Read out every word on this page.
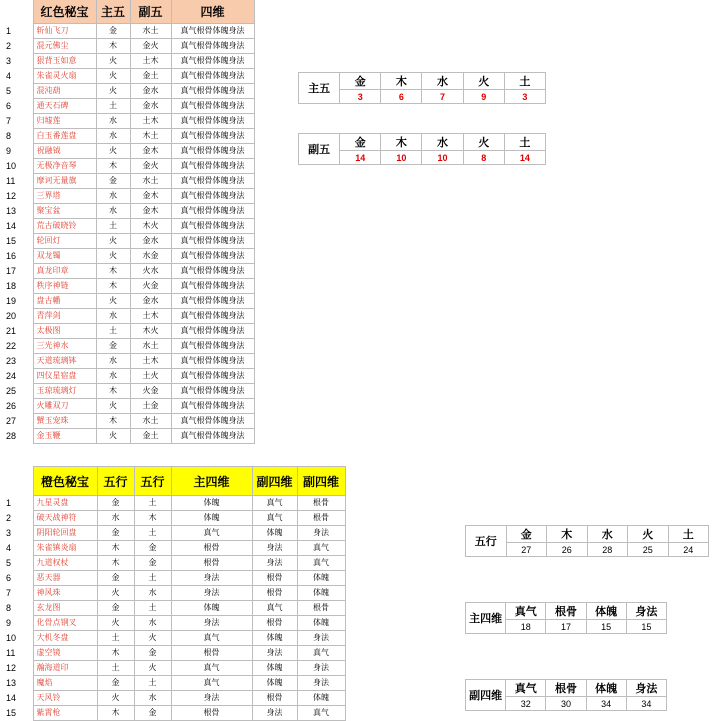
	红色秘宝	主五	副五	四维
1	斩仙飞刀	金	水土	真气根骨体魄身法
2	混元佛尘	木	金火	真气根骨体魄身法
3	狠背玉如意	火	土木	真气根骨体魄身法
4	朱雀灵火扇	火	金土	真气根骨体魄身法
5	混沌葫	火	金水	真气根骨体魄身法
6	通天石碑	土	金水	真气根骨体魄身法
7	归墟莲	水	土木	真气根骨体魄身法
8	白玉番莲盘	水	木土	真气根骨体魄身法
9	祝融钺	火	金木	真气根骨体魄身法
10	无极净音琴	木	金火	真气根骨体魄身法
11	摩诃无量旗	金	水土	真气根骨体魄身法
12	三界塔	水	金木	真气根骨体魄身法
13	聚宝盆	水	金木	真气根骨体魄身法
14	荒古破晓铃	土	木火	真气根骨体魄身法
15	轮回灯	火	金水	真气根骨体魄身法
16	双龙镯	火	水金	真气根骨体魄身法
17	真龙印章	木	火水	真气根骨体魄身法
18	秩序神链	木	火金	真气根骨体魄身法
19	盘古幡	火	金水	真气根骨体魄身法
20	青萍剑	水	土木	真气根骨体魄身法
21	太极图	土	木火	真气根骨体魄身法
22	三光神水	金	水土	真气根骨体魄身法
23	天道琉璃钵	水	土木	真气根骨体魄身法
24	四仪星宿盘	水	土火	真气根骨体魄身法
25	玉琼琉璃灯	木	火金	真气根骨体魄身法
26	火雕双刀	火	土金	真气根骨体魄身法
27	蟹玉宠珠	木	水土	真气根骨体魄身法
28	金玉鞭	火	金土	真气根骨体魄身法
	橙色秘宝	五行	五行	主四维	副四维	副四维
1	九星灵盘	金	土	体魄	真气	根骨
2	破天战神符	水	木	体魄	真气	根骨
3	阴阳轮回盘	金	土	真气	体魄	身法
4	朱雀镇炎扇	木	金	根骨	身法	真气
5	九道权杖	木	金	根骨	身法	真气
6	恶天器	金	土	身法	根骨	体魄
7	神风珠	火	水	身法	根骨	体魄
8	玄龙图	金	土	体魄	真气	根骨
9	化骨点钢叉	火	水	身法	根骨	体魄
10	大机冬盘	土	火	真气	体魄	身法
11	虚空镜	木	金	根骨	身法	真气
12	瀚海道印	土	火	真气	体魄	身法
13	魔焰	金	土	真气	体魄	身法
14	天风铃	火	水	身法	根骨	体魄
15	紫霄枪	木	金	根骨	身法	真气
主五	金	木	水	火	土
	3	6	7	9	3
副五	金	木	水	火	土
	14	10	10	8	14
五行	金	木	水	火	土
	27	26	28	25	24
主四维	真气	根骨	体魄	身法
	18	17	15	15
副四维	真气	根骨	体魄	身法
	32	30	34	34
